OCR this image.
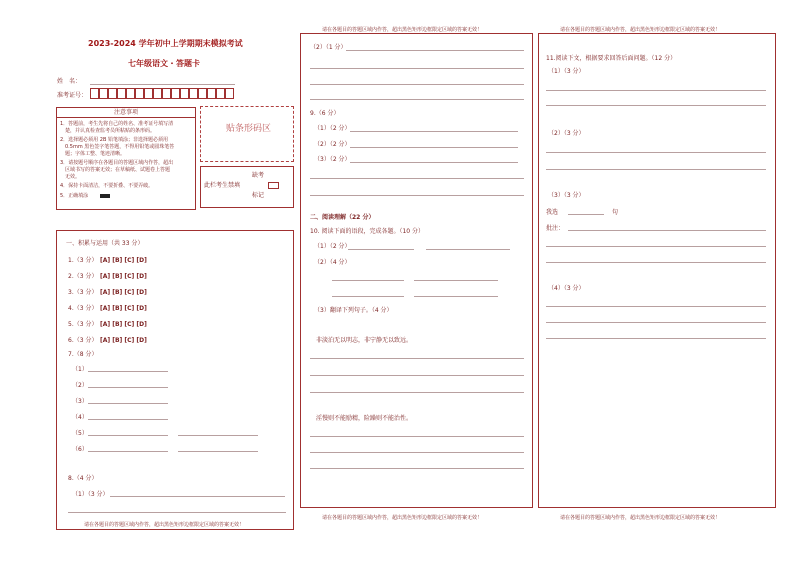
2023-2024 学年初中上学期期末模拟考试
七年级语文・答题卡
姓　名：
准考证号：
注意事项
1．答题前，考生先将自己的姓名、准考证号填写清
　楚，并认真检查监考员所粘贴的条形码。
2．选择题必须用 2B 铅笔填涂；非选择题必须用
　0.5mm 黑色签字笔答题，不得用铅笔或圆珠笔答
　题；字体工整、笔迹清晰。
3．请按题号顺序在各题目的答题区域内作答，超出
　区域书写的答案无效；在草稿纸、试题卷上答题
　无效。
4．保持卡面清洁，不要折叠、不要弄破。
5．正确填涂
贴条形码区
此栏考生禁填
缺考
标记
一、积累与运用（共 33 分）
1.（3 分） [A] [B] [C] [D]
2.（3 分） [A] [B] [C] [D]
3.（3 分） [A] [B] [C] [D]
4.（3 分） [A] [B] [C] [D]
5.（3 分） [A] [B] [C] [D]
6.（3 分） [A] [B] [C] [D]
7.（8 分）
（1）
（2）
（3）
（4）
（5）
（6）
8.（4 分）
（1）（3 分）
请在各题目的答题区域内作答，超出黑色矩形边框限定区域的答案无效！
请在各题目的答题区域内作答，超出黑色矩形边框限定区域的答案无效！
（2）（1 分）
9.（6 分）
（1）（2 分）
（2）（2 分）
（3）（2 分）
二、阅读理解（22 分）
10. 阅读下面的语段，完成各题。（10 分）
（1）（2 分）
（2）（4 分）
（3）翻译下列句子。（4 分）
非淡泊无以明志，非宁静无以致远。
淫慢则不能励精，险躁则不能治性。
请在各题目的答题区域内作答，超出黑色矩形边框限定区域的答案无效！
请在各题目的答题区域内作答，超出黑色矩形边框限定区域的答案无效！
11.阅读下文，根据要求回答后面问题。（12 分）
（1）（3 分）
（2）（3 分）
（3）（3 分）
我选	句
批注：
（4）（3 分）
请在各题目的答题区域内作答，超出黑色矩形边框限定区域的答案无效！
